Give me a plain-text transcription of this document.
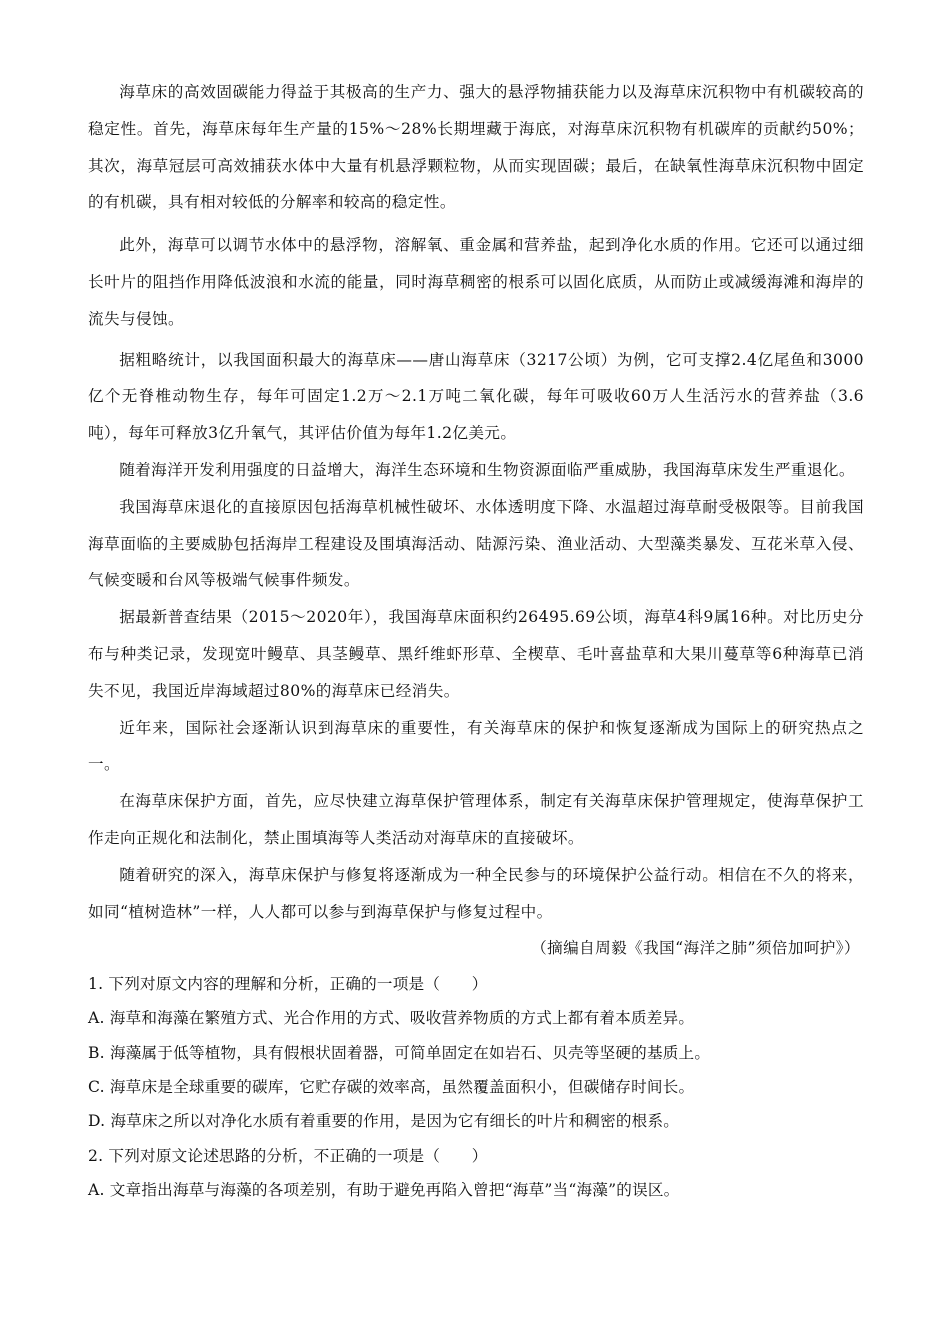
海草床的高效固碳能力得益于其极高的生产力、强大的悬浮物捕获能力以及海草床沉积物中有机碳较高的稳定性。首先，海草床每年生产量的15%～28%长期埋藏于海底，对海草床沉积物有机碳库的贡献约50%；其次，海草冠层可高效捕获水体中大量有机悬浮颗粒物，从而实现固碳；最后，在缺氧性海草床沉积物中固定的有机碳，具有相对较低的分解率和较高的稳定性。

此外，海草可以调节水体中的悬浮物，溶解氧、重金属和营养盐，起到净化水质的作用。它还可以通过细长叶片的阻挡作用降低波浪和水流的能量，同时海草稠密的根系可以固化底质，从而防止或减缓海滩和海岸的流失与侵蚀。

据粗略统计，以我国面积最大的海草床——唐山海草床（3217公顷）为例，它可支撑2.4亿尾鱼和3000亿个无脊椎动物生存，每年可固定1.2万～2.1万吨二氧化碳，每年可吸收60万人生活污水的营养盐（3.6吨），每年可释放3亿升氧气，其评估价值为每年1.2亿美元。

随着海洋开发利用强度的日益增大，海洋生态环境和生物资源面临严重威胁，我国海草床发生严重退化。

我国海草床退化的直接原因包括海草机械性破坏、水体透明度下降、水温超过海草耐受极限等。目前我国海草面临的主要威胁包括海岸工程建设及围填海活动、陆源污染、渔业活动、大型藻类暴发、互花米草入侵、气候变暖和台风等极端气候事件频发。

据最新普查结果（2015～2020年），我国海草床面积约26495.69公顷，海草4科9属16种。对比历史分布与种类记录，发现宽叶鳗草、具茎鳗草、黑纤维虾形草、全楔草、毛叶喜盐草和大果川蔓草等6种海草已消失不见，我国近岸海域超过80%的海草床已经消失。

近年来，国际社会逐渐认识到海草床的重要性，有关海草床的保护和恢复逐渐成为国际上的研究热点之一。

在海草床保护方面，首先，应尽快建立海草保护管理体系，制定有关海草床保护管理规定，使海草保护工作走向正规化和法制化，禁止围填海等人类活动对海草床的直接破坏。

随着研究的深入，海草床保护与修复将逐渐成为一种全民参与的环境保护公益行动。相信在不久的将来，如同“植树造林”一样，人人都可以参与到海草保护与修复过程中。

（摘编自周毅《我国“海洋之肺”须倍加呵护》）

1. 下列对原文内容的理解和分析，正确的一项是（　　）

A. 海草和海藻在繁殖方式、光合作用的方式、吸收营养物质的方式上都有着本质差异。

B. 海藻属于低等植物，具有假根状固着器，可简单固定在如岩石、贝壳等坚硬的基质上。

C. 海草床是全球重要的碳库，它贮存碳的效率高，虽然覆盖面积小，但碳储存时间长。

D. 海草床之所以对净化水质有着重要的作用，是因为它有细长的叶片和稠密的根系。

2. 下列对原文论述思路的分析，不正确的一项是（　　）

A. 文章指出海草与海藻的各项差别，有助于避免再陷入曾把“海草”当“海藻”的误区。
